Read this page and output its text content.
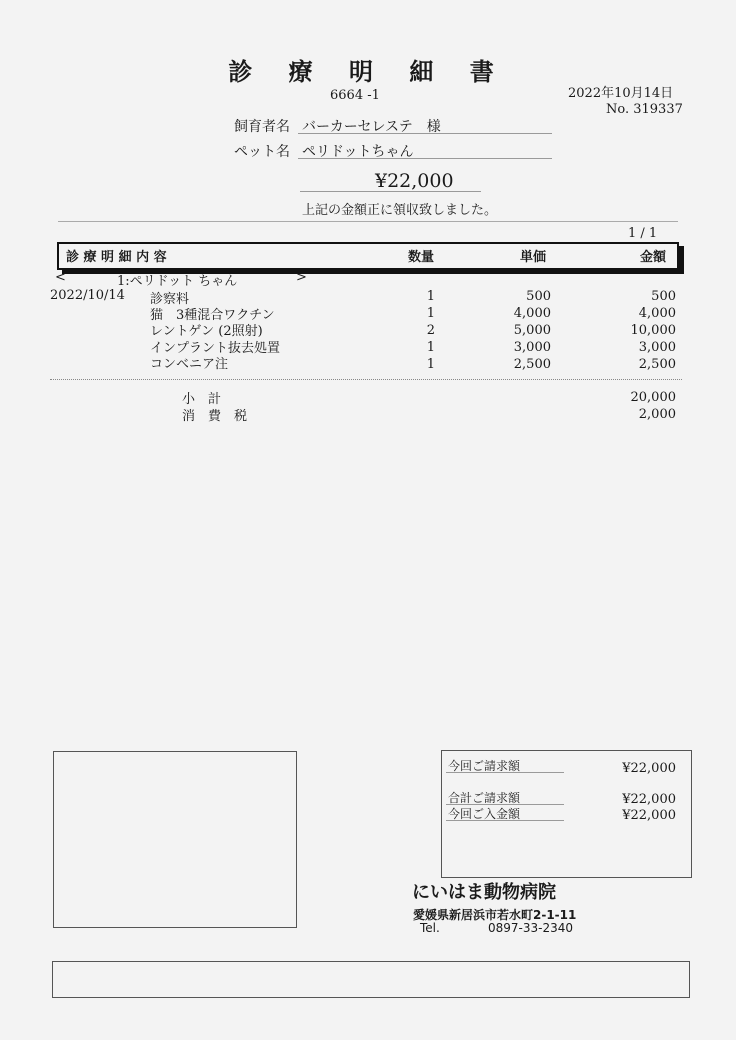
診 療 明 細 書
6664 -1	2022年10月14日
No. 319337
飼育者名 バーカーセレステ　様
ペット名 ペリドットちゃん
¥22,000
上記の金額正に領収致しました。
1 / 1
診 療 明 細 内 容	数量	単価	金額
<	1:ペリドット ちゃん	>
2022/10/14 診察料	1	500	500
猫　3種混合ワクチン	1	4,000	4,000
レントゲン (2照射)	2	5,000	10,000
インプラント抜去処置	1	3,000	3,000
コンベニア注	1	2,500	2,500
小　計	20,000
消　費　税	2,000
今回ご請求額	¥22,000
合計ご請求額	¥22,000
今回ご入金額	¥22,000
にいはま動物病院
愛媛県新居浜市若水町2-1-11
Tel.	0897-33-2340
